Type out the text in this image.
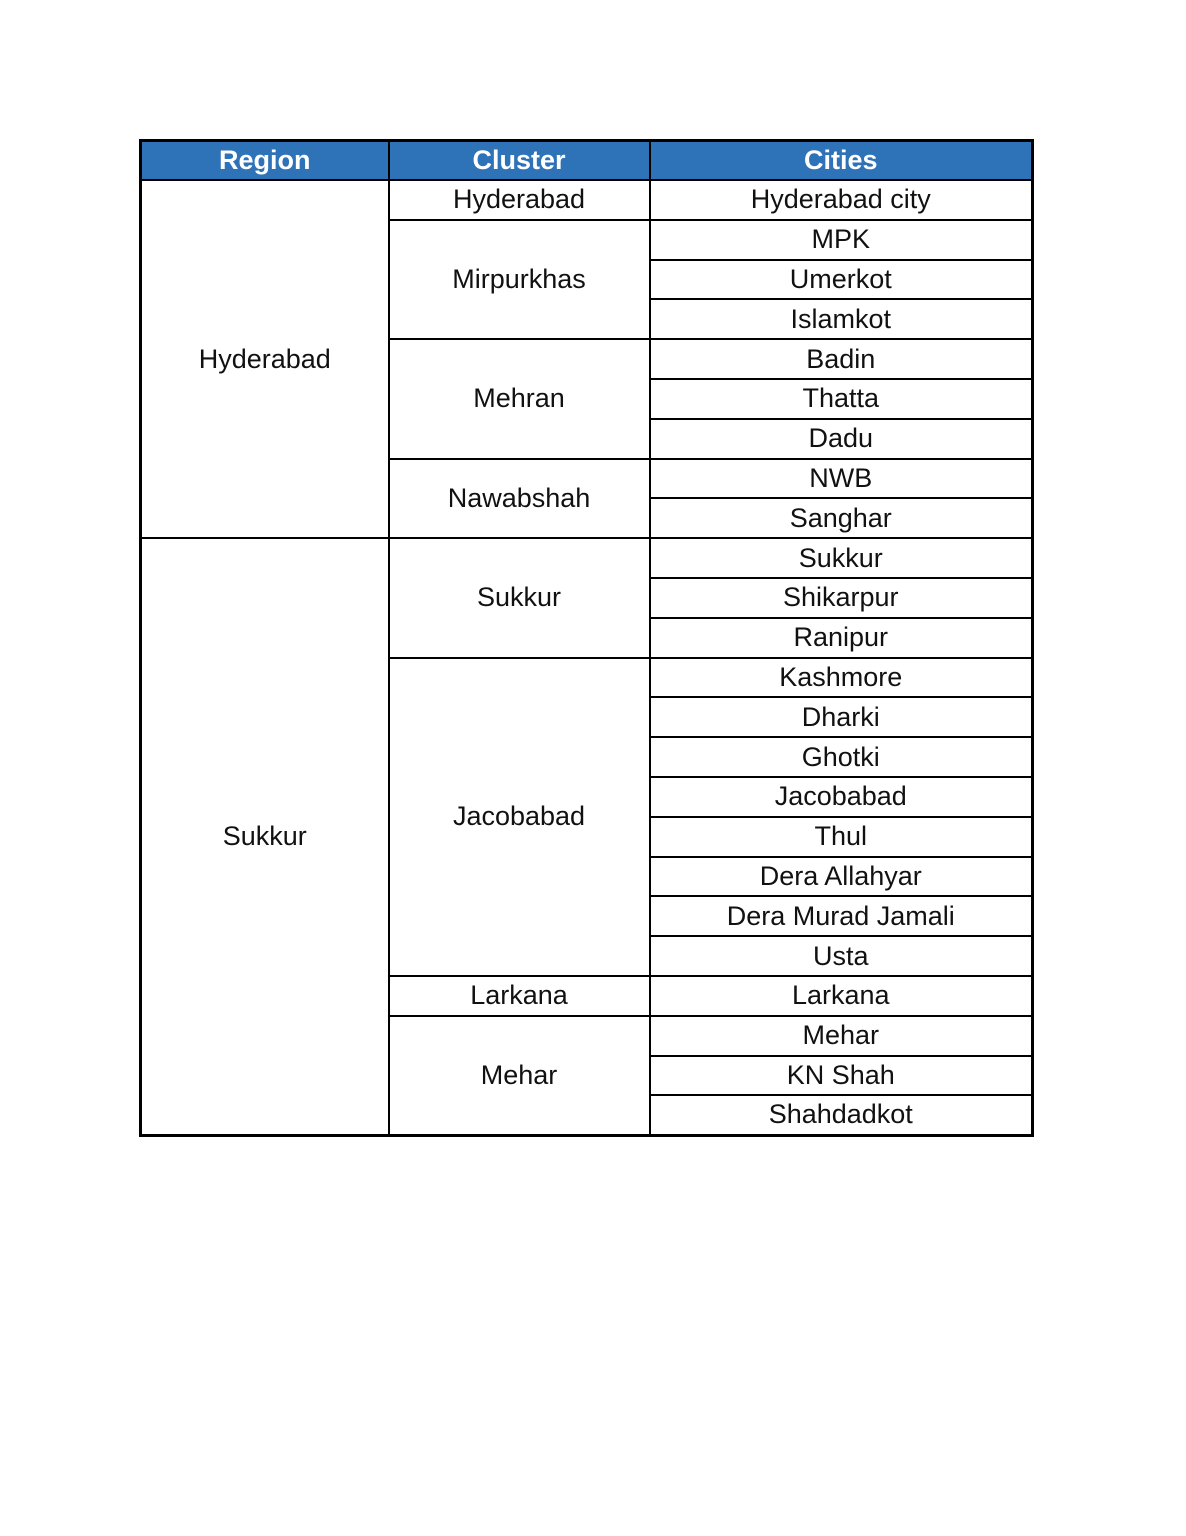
Region	Cluster	Cities
Hyderabad	Hyderabad	Hyderabad city
	Mirpurkhas	MPK
		Umerkot
		Islamkot
	Mehran	Badin
		Thatta
		Dadu
	Nawabshah	NWB
		Sanghar
Sukkur	Sukkur	Sukkur
		Shikarpur
		Ranipur
	Jacobabad	Kashmore
		Dharki
		Ghotki
		Jacobabad
		Thul
		Dera Allahyar
		Dera Murad Jamali
		Usta
	Larkana	Larkana
	Mehar	Mehar
		KN Shah
		Shahdadkot
